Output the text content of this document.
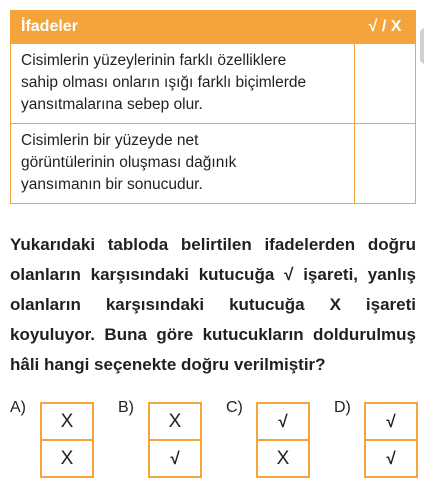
İfadeler	√ / X

Cisimlerin yüzeylerinin farklı özelliklere
sahip olması onların ışığı farklı biçimlerde
yansıtmalarına sebep olur.	

Cisimlerin bir yüzeyde net
görüntülerinin oluşması dağınık
yansımanın bir sonucudur.	

Yukarıdaki tabloda belirtilen ifadelerden doğru olanların karşısındaki kutucuğa √ işareti, yanlış olanların karşısındaki kutucuğa X işareti koyuluyor. Buna göre kutucukların doldurulmuş hâli hangi seçenekte doğru verilmiştir?

A)
X
X
B)
X
√
C)
√
X
D)
√
√
